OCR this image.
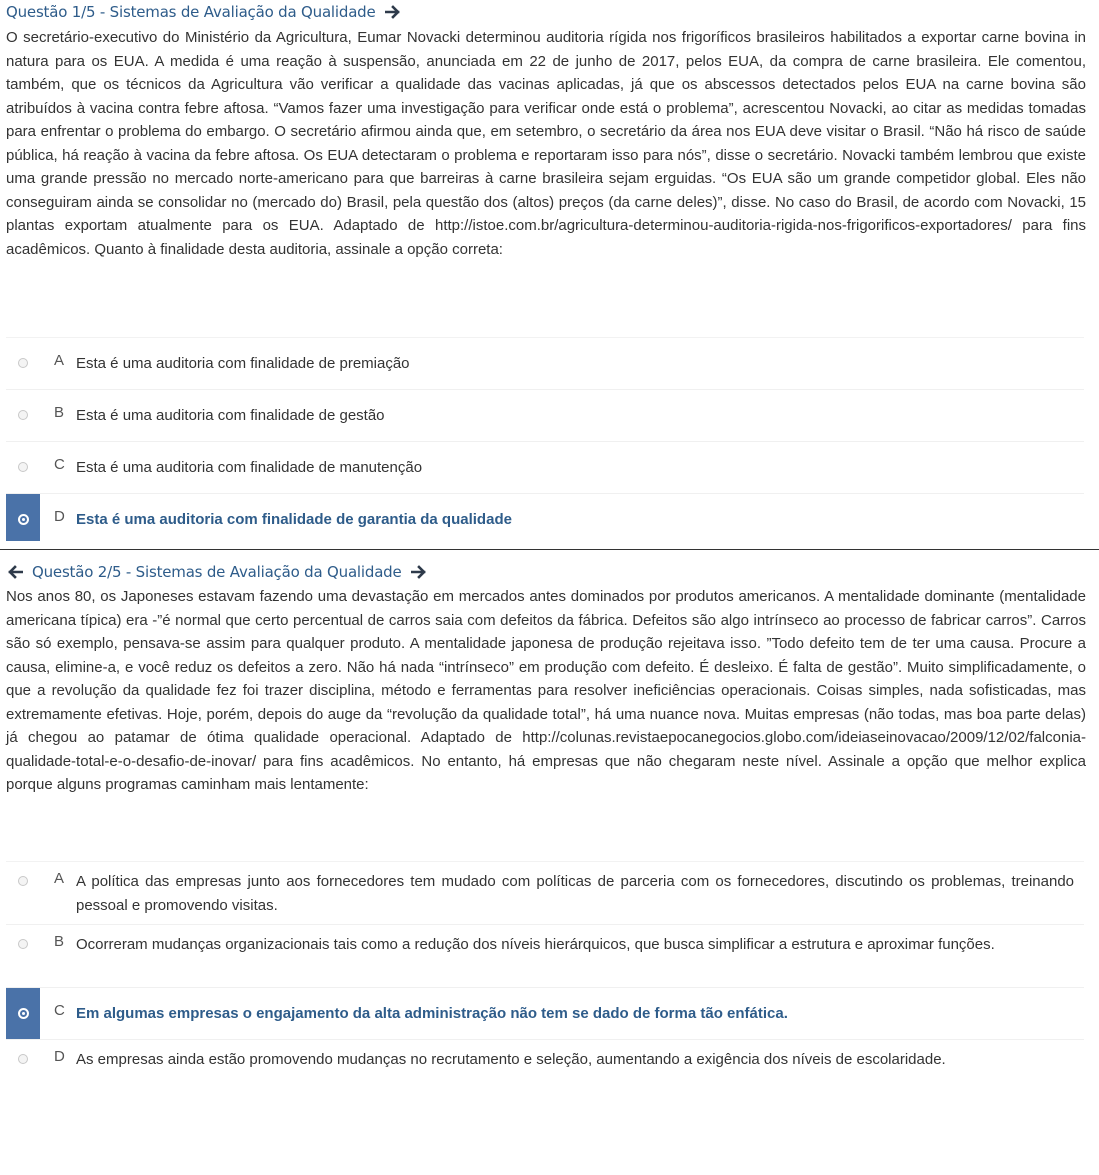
Questão 1/5 - Sistemas de Avaliação da Qualidade

O secretário-executivo do Ministério da Agricultura, Eumar Novacki determinou auditoria rígida nos frigoríficos brasileiros habilitados a exportar carne bovina in natura para os EUA. A medida é uma reação à suspensão, anunciada em 22 de junho de 2017, pelos EUA, da compra de carne brasileira. Ele comentou, também, que os técnicos da Agricultura vão verificar a qualidade das vacinas aplicadas, já que os abscessos detectados pelos EUA na carne bovina são atribuídos à vacina contra febre aftosa. “Vamos fazer uma investigação para verificar onde está o problema”, acrescentou Novacki, ao citar as medidas tomadas para enfrentar o problema do embargo. O secretário afirmou ainda que, em setembro, o secretário da área nos EUA deve visitar o Brasil. “Não há risco de saúde pública, há reação à vacina da febre aftosa. Os EUA detectaram o problema e reportaram isso para nós”, disse o secretário. Novacki também lembrou que existe uma grande pressão no mercado norte-americano para que barreiras à carne brasileira sejam erguidas. “Os EUA são um grande competidor global. Eles não conseguiram ainda se consolidar no (mercado do) Brasil, pela questão dos (altos) preços (da carne deles)”, disse. No caso do Brasil, de acordo com Novacki, 15 plantas exportam atualmente para os EUA. Adaptado de http://istoe.com.br/agricultura-determinou-auditoria-rigida-nos-frigorificos-exportadores/ para fins acadêmicos. Quanto à finalidade desta auditoria, assinale a opção correta:

A Esta é uma auditoria com finalidade de premiação
B Esta é uma auditoria com finalidade de gestão
C Esta é uma auditoria com finalidade de manutenção
D Esta é uma auditoria com finalidade de garantia da qualidade
Questão 2/5 - Sistemas de Avaliação da Qualidade

Nos anos 80, os Japoneses estavam fazendo uma devastação em mercados antes dominados por produtos americanos. A mentalidade dominante (mentalidade americana típica) era -”é normal que certo percentual de carros saia com defeitos da fábrica. Defeitos são algo intrínseco ao processo de fabricar carros”. Carros são só exemplo, pensava-se assim para qualquer produto. A mentalidade japonesa de produção rejeitava isso. ”Todo defeito tem de ter uma causa. Procure a causa, elimine-a, e você reduz os defeitos a zero. Não há nada “intrínseco” em produção com defeito. É desleixo. É falta de gestão”. Muito simplificadamente, o que a revolução da qualidade fez foi trazer disciplina, método e ferramentas para resolver ineficiências operacionais. Coisas simples, nada sofisticadas, mas extremamente efetivas. Hoje, porém, depois do auge da “revolução da qualidade total”, há uma nuance nova. Muitas empresas (não todas, mas boa parte delas) já chegou ao patamar de ótima qualidade operacional. Adaptado de http://colunas.revistaepocanegocios.globo.com/ideiaseinovacao/2009/12/02/falconia-qualidade-total-e-o-desafio-de-inovar/ para fins acadêmicos. No entanto, há empresas que não chegaram neste nível. Assinale a opção que melhor explica porque alguns programas caminham mais lentamente:

A A política das empresas junto aos fornecedores tem mudado com políticas de parceria com os fornecedores, discutindo os problemas, treinando pessoal e promovendo visitas.
B Ocorreram mudanças organizacionais tais como a redução dos níveis hierárquicos, que busca simplificar a estrutura e aproximar funções.
C Em algumas empresas o engajamento da alta administração não tem se dado de forma tão enfática.
D As empresas ainda estão promovendo mudanças no recrutamento e seleção, aumentando a exigência dos níveis de escolaridade.
